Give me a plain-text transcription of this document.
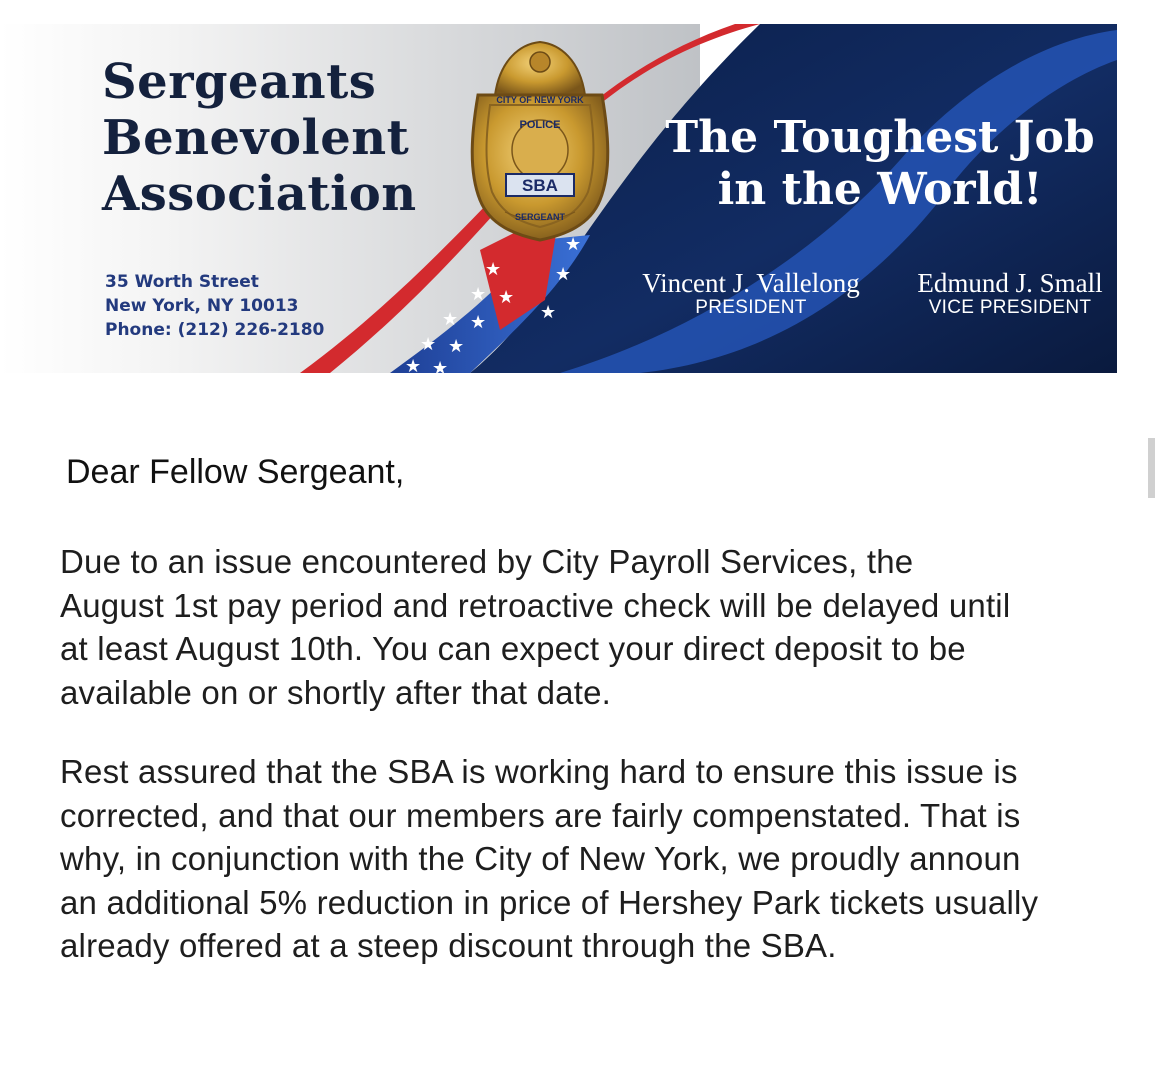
★
★ ★
★ ★
★ ★
★ ★
★
★
★
CITY OF NEW YORK
POLICE
SBA
SERGEANT
Sergeants
Benevolent
Association
35 Worth Street
New York, NY 10013
Phone: (212) 226-2180
The Toughest Job
in the World!
Vincent J. Vallelong
PRESIDENT
Edmund J. Small
VICE PRESIDENT
Dear Fellow Sergeant,
Due to an issue encountered by City Payroll Services, the
August 1st pay period and retroactive check will be delayed until
at least August 10th. You can expect your direct deposit to be
available on or shortly after that date.
Rest assured that the SBA is working hard to ensure this issue is
corrected, and that our members are fairly compenstated. That is
why, in conjunction with the City of New York, we proudly announ
an additional 5% reduction in price of Hershey Park tickets usually
already offered at a steep discount through the SBA.
